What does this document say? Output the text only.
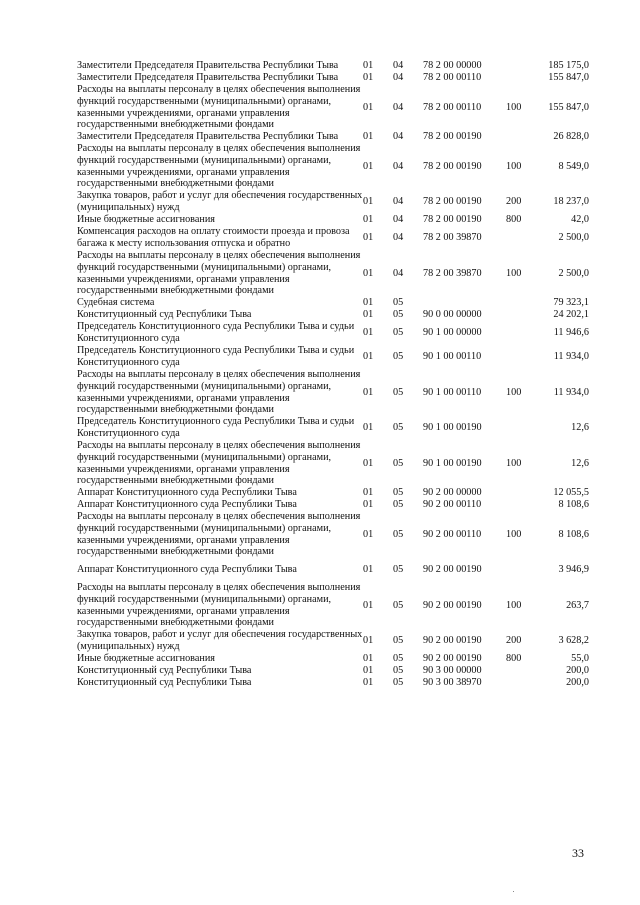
Заместители Председателя Правительства Республики Тыва	01	04	78 2 00 00000		185 175,0
Заместители Председателя Правительства Республики Тыва	01	04	78 2 00 00110		155 847,0
Расходы на выплаты персоналу в целях обеспечения выполнения функций государственными (муниципальными) органами, казенными учреждениями, органами управления государственными внебюджетными фондами	01	04	78 2 00 00110	100	155 847,0
Заместители Председателя Правительства Республики Тыва	01	04	78 2 00 00190		26 828,0
Расходы на выплаты персоналу в целях обеспечения выполнения функций государственными (муниципальными) органами, казенными учреждениями, органами управления государственными внебюджетными фондами	01	04	78 2 00 00190	100	8 549,0
Закупка товаров, работ и услуг для обеспечения государственных (муниципальных) нужд	01	04	78 2 00 00190	200	18 237,0
Иные бюджетные ассигнования	01	04	78 2 00 00190	800	42,0
Компенсация расходов на оплату стоимости проезда и провоза багажа к месту использования отпуска и обратно	01	04	78 2 00 39870		2 500,0
Расходы на выплаты персоналу в целях обеспечения выполнения функций государственными (муниципальными) органами, казенными учреждениями, органами управления государственными внебюджетными фондами	01	04	78 2 00 39870	100	2 500,0
Судебная система	01	05			79 323,1
Конституционный суд Республики Тыва	01	05	90 0 00 00000		24 202,1
Председатель Конституционного суда Республики Тыва и судьи Конституционного суда	01	05	90 1 00 00000		11 946,6
Председатель Конституционного суда Республики Тыва и судьи Конституционного суда	01	05	90 1 00 00110		11 934,0
Расходы на выплаты персоналу в целях обеспечения выполнения функций государственными (муниципальными) органами, казенными учреждениями, органами управления государственными внебюджетными фондами	01	05	90 1 00 00110	100	11 934,0
Председатель Конституционного суда Республики Тыва и судьи Конституционного суда	01	05	90 1 00 00190		12,6
Расходы на выплаты персоналу в целях обеспечения выполнения функций государственными (муниципальными) органами, казенными учреждениями, органами управления государственными внебюджетными фондами	01	05	90 1 00 00190	100	12,6
Аппарат Конституционного суда Республики Тыва	01	05	90 2 00 00000		12 055,5
Аппарат Конституционного суда Республики Тыва	01	05	90 2 00 00110		8 108,6
Расходы на выплаты персоналу в целях обеспечения выполнения функций государственными (муниципальными) органами, казенными учреждениями, органами управления государственными внебюджетными фондами	01	05	90 2 00 00110	100	8 108,6
Аппарат Конституционного суда Республики Тыва	01	05	90 2 00 00190		3 946,9
Расходы на выплаты персоналу в целях обеспечения выполнения функций государственными (муниципальными) органами, казенными учреждениями, органами управления государственными внебюджетными фондами	01	05	90 2 00 00190	100	263,7
Закупка товаров, работ и услуг для обеспечения государственных (муниципальных) нужд	01	05	90 2 00 00190	200	3 628,2
Иные бюджетные ассигнования	01	05	90 2 00 00190	800	55,0
Конституционный суд Республики Тыва	01	05	90 3 00 00000		200,0
Конституционный суд Республики Тыва	01	05	90 3 00 38970		200,0
33
